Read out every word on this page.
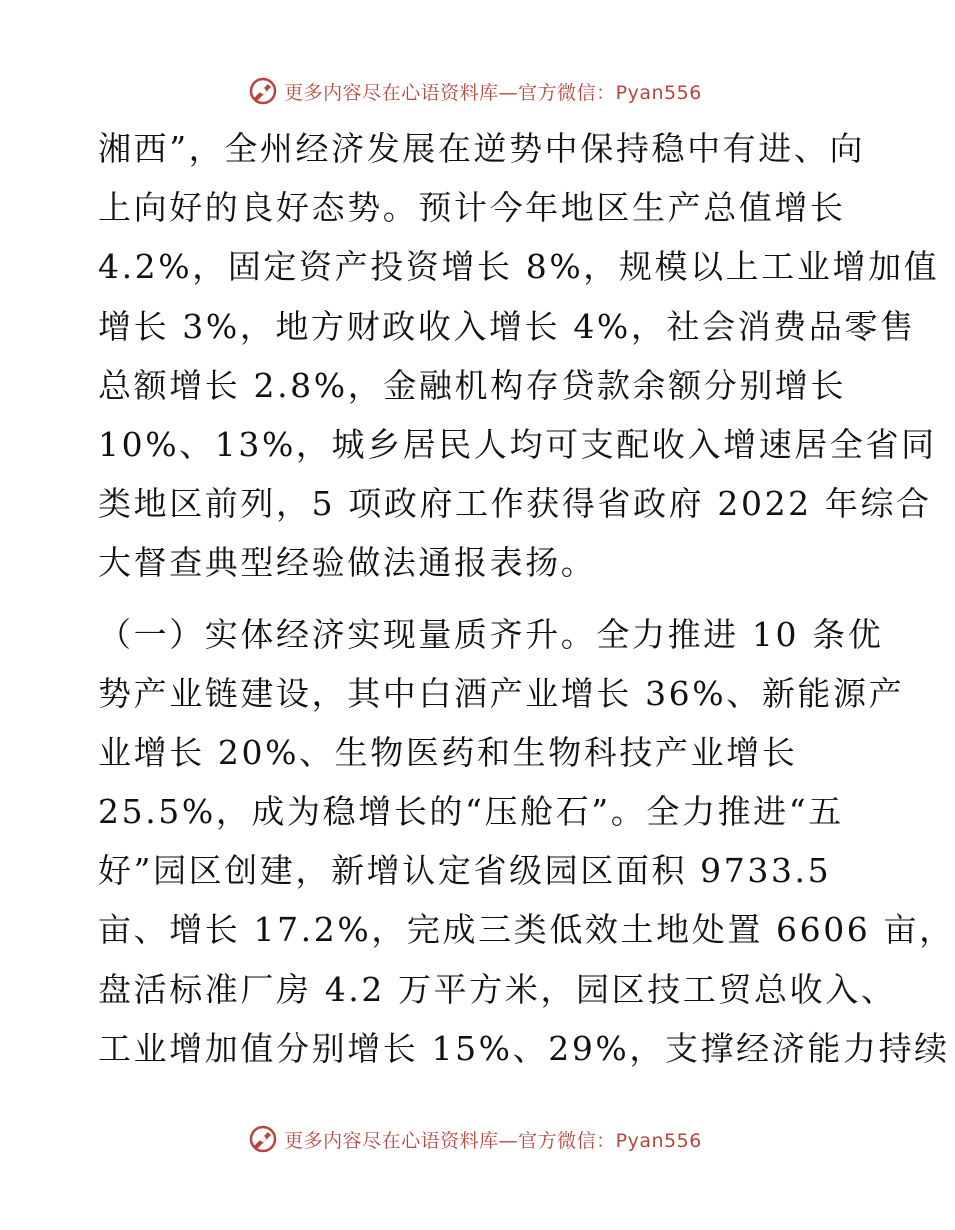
更多内容尽在心语资料库—官方微信：Pyan556
湘西”，全州经济发展在逆势中保持稳中有进、向
上向好的良好态势。预计今年地区生产总值增长
4.2%，固定资产投资增长 8%，规模以上工业增加值
增长 3%，地方财政收入增长 4%，社会消费品零售
总额增长 2.8%，金融机构存贷款余额分别增长
10%、13%，城乡居民人均可支配收入增速居全省同
类地区前列，5 项政府工作获得省政府 2022 年综合
大督查典型经验做法通报表扬。
（一）实体经济实现量质齐升。全力推进 10 条优
势产业链建设，其中白酒产业增长 36%、新能源产
业增长 20%、生物医药和生物科技产业增长
25.5%，成为稳增长的“压舱石”。全力推进“五
好”园区创建，新增认定省级园区面积 9733.5
亩、增长 17.2%，完成三类低效土地处置 6606 亩，
盘活标准厂房 4.2 万平方米，园区技工贸总收入、
工业增加值分别增长 15%、29%，支撑经济能力持续
更多内容尽在心语资料库—官方微信：Pyan556
